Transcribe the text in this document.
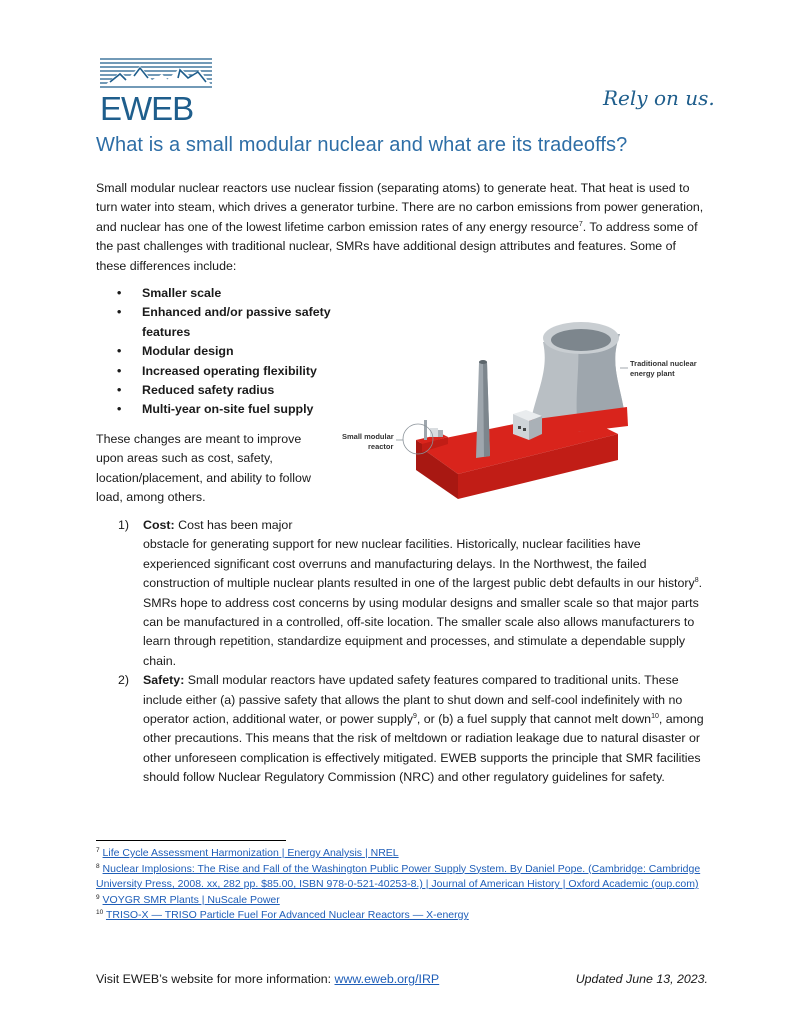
EWEB	Rely on us.
What is a small modular nuclear and what are its tradeoffs?

Small modular nuclear reactors use nuclear fission (separating atoms) to generate heat. That heat is used to turn water into steam, which drives a generator turbine. There are no carbon emissions from power generation, and nuclear has one of the lowest lifetime carbon emission rates of any energy resource$^7$. To address some of the past challenges with traditional nuclear, SMRs have additional design attributes and features. Some of these differences include:

• Smaller scale
• Enhanced and/or passive safety features
• Modular design
• Increased operating flexibility
• Reduced safety radius
• Multi-year on-site fuel supply

These changes are meant to improve upon areas such as cost, safety, location/placement, and ability to follow load, among others.

Traditional nuclear
energy plant
Small modular
reactor
1) Cost: Cost has been major
obstacle for generating support for new nuclear facilities. Historically, nuclear facilities have experienced significant cost overruns and manufacturing delays. In the Northwest, the failed construction of multiple nuclear plants resulted in one of the largest public debt defaults in our history$^8$. SMRs hope to address cost concerns by using modular designs and smaller scale so that major parts can be manufactured in a controlled, off-site location. The smaller scale also allows manufacturers to learn through repetition, standardize equipment and processes, and stimulate a dependable supply chain.
2) Safety: Small modular reactors have updated safety features compared to traditional units. These include either (a) passive safety that allows the plant to shut down and self-cool indefinitely with no operator action, additional water, or power supply$^9$, or (b) a fuel supply that cannot melt down$^{10}$, among other precautions. This means that the risk of meltdown or radiation leakage due to natural disaster or other unforeseen complication is effectively mitigated. EWEB supports the principle that SMR facilities should follow Nuclear Regulatory Commission (NRC) and other regulatory guidelines for safety.
$^7$ Life Cycle Assessment Harmonization | Energy Analysis | NREL
$^8$ Nuclear Implosions: The Rise and Fall of the Washington Public Power Supply System. By Daniel Pope. (Cambridge: Cambridge University Press, 2008. xx, 282 pp. $85.00, ISBN 978-0-521-40253-8.) | Journal of American History | Oxford Academic (oup.com)
$^9$ VOYGR SMR Plants | NuScale Power
$^{10}$ TRISO-X — TRISO Particle Fuel For Advanced Nuclear Reactors — X-energy
Visit EWEB’s website for more information: www.eweb.org/IRP	Updated June 13, 2023.
